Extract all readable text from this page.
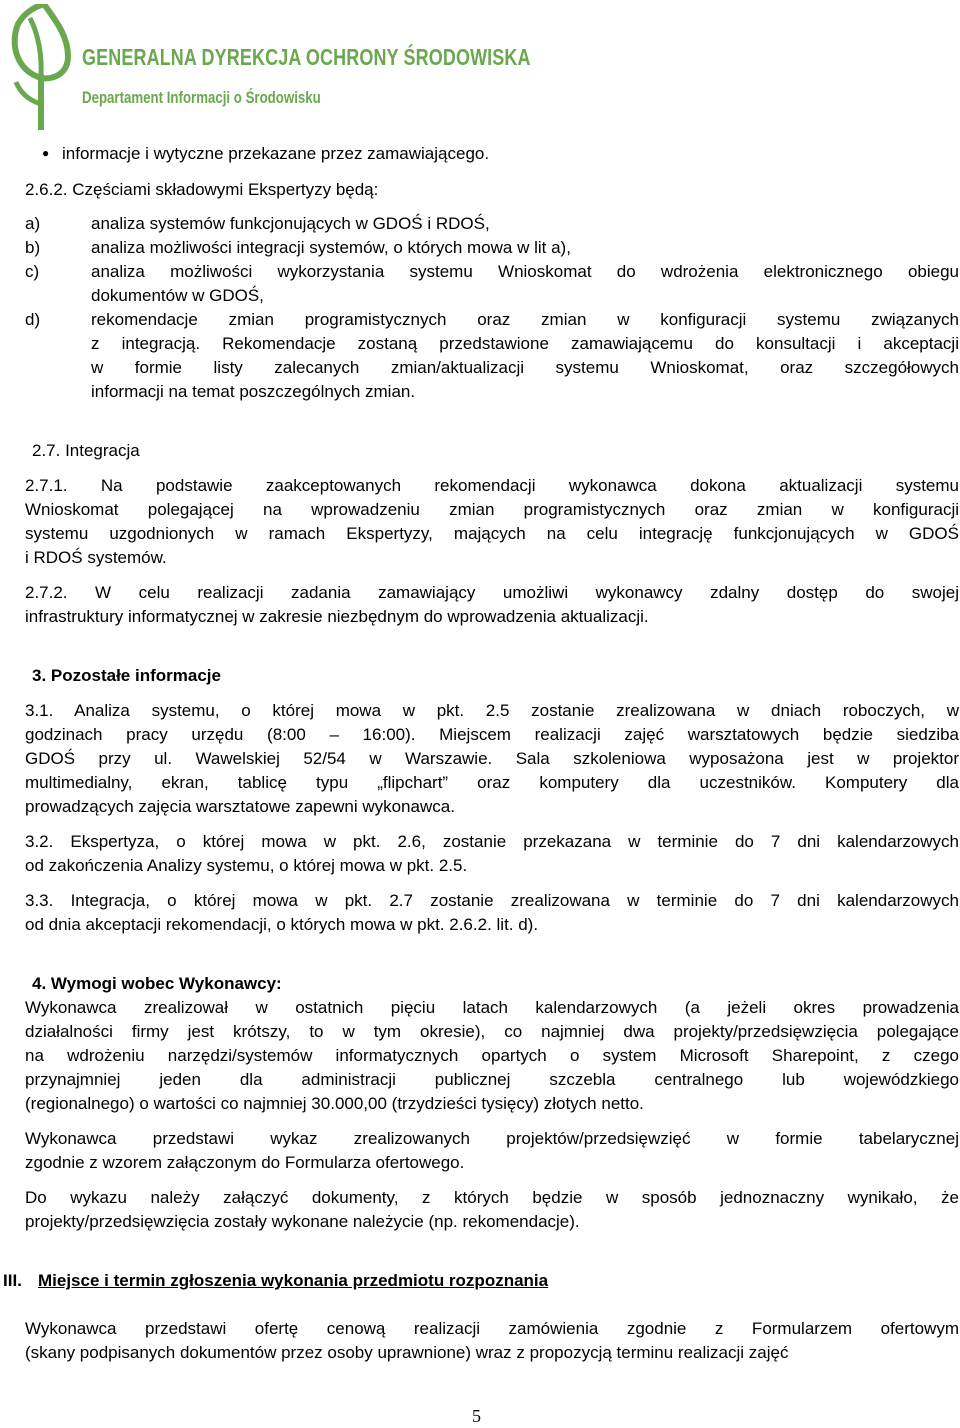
GENERALNA DYREKCJA OCHRONY ŚRODOWISKA
Departament Informacji o Środowisku
● informacje i wytyczne przekazane przez zamawiającego.
2.6.2. Częściami składowymi Ekspertyzy będą:
a)	analiza systemów funkcjonujących w GDOŚ i RDOŚ,
b)	analiza możliwości integracji systemów, o których mowa w lit a),
c)	analiza możliwości wykorzystania systemu Wnioskomat do wdrożenia elektronicznego obiegu
dokumentów w GDOŚ,
d)	rekomendacje zmian programistycznych oraz zmian w konfiguracji systemu związanych
z integracją. Rekomendacje zostaną przedstawione zamawiającemu do konsultacji i akceptacji
w formie listy zalecanych zmian/aktualizacji systemu Wnioskomat, oraz szczegółowych
informacji na temat poszczególnych zmian.
2.7. Integracja
2.7.1. Na podstawie zaakceptowanych rekomendacji wykonawca dokona aktualizacji systemu
Wnioskomat polegającej na wprowadzeniu zmian programistycznych oraz zmian w konfiguracji
systemu uzgodnionych w ramach Ekspertyzy, mających na celu integrację funkcjonujących w GDOŚ
i RDOŚ systemów.
2.7.2. W celu realizacji zadania zamawiający umożliwi wykonawcy zdalny dostęp do swojej
infrastruktury informatycznej w zakresie niezbędnym do wprowadzenia aktualizacji.
3. Pozostałe informacje
3.1. Analiza systemu, o której mowa w pkt. 2.5 zostanie zrealizowana w dniach roboczych, w
godzinach pracy urzędu (8:00 – 16:00). Miejscem realizacji zajęć warsztatowych będzie siedziba
GDOŚ przy ul. Wawelskiej 52/54 w Warszawie. Sala szkoleniowa wyposażona jest w projektor
multimedialny, ekran, tablicę typu „flipchart” oraz komputery dla uczestników. Komputery dla
prowadzących zajęcia warsztatowe zapewni wykonawca.
3.2. Ekspertyza, o której mowa w pkt. 2.6, zostanie przekazana w terminie do 7 dni kalendarzowych
od zakończenia Analizy systemu, o której mowa w pkt. 2.5.
3.3. Integracja, o której mowa w pkt. 2.7 zostanie zrealizowana w terminie do 7 dni kalendarzowych
od dnia akceptacji rekomendacji, o których mowa w pkt. 2.6.2. lit. d).
4. Wymogi wobec Wykonawcy:
Wykonawca zrealizował w ostatnich pięciu latach kalendarzowych (a jeżeli okres prowadzenia
działalności firmy jest krótszy, to w tym okresie), co najmniej dwa projekty/przedsięwzięcia polegające
na wdrożeniu narzędzi/systemów informatycznych opartych o system Microsoft Sharepoint, z czego
przynajmniej jeden dla administracji publicznej szczebla centralnego lub wojewódzkiego
(regionalnego) o wartości co najmniej 30.000,00 (trzydzieści tysięcy) złotych netto.
Wykonawca przedstawi wykaz zrealizowanych projektów/przedsięwzięć w formie tabelarycznej
zgodnie z wzorem załączonym do Formularza ofertowego.
Do wykazu należy załączyć dokumenty, z których będzie w sposób jednoznaczny wynikało, że
projekty/przedsięwzięcia zostały wykonane należycie (np. rekomendacje).
III. Miejsce i termin zgłoszenia wykonania przedmiotu rozpoznania
Wykonawca przedstawi ofertę cenową realizacji zamówienia zgodnie z Formularzem ofertowym
(skany podpisanych dokumentów przez osoby uprawnione) wraz z propozycją terminu realizacji zajęć
5
